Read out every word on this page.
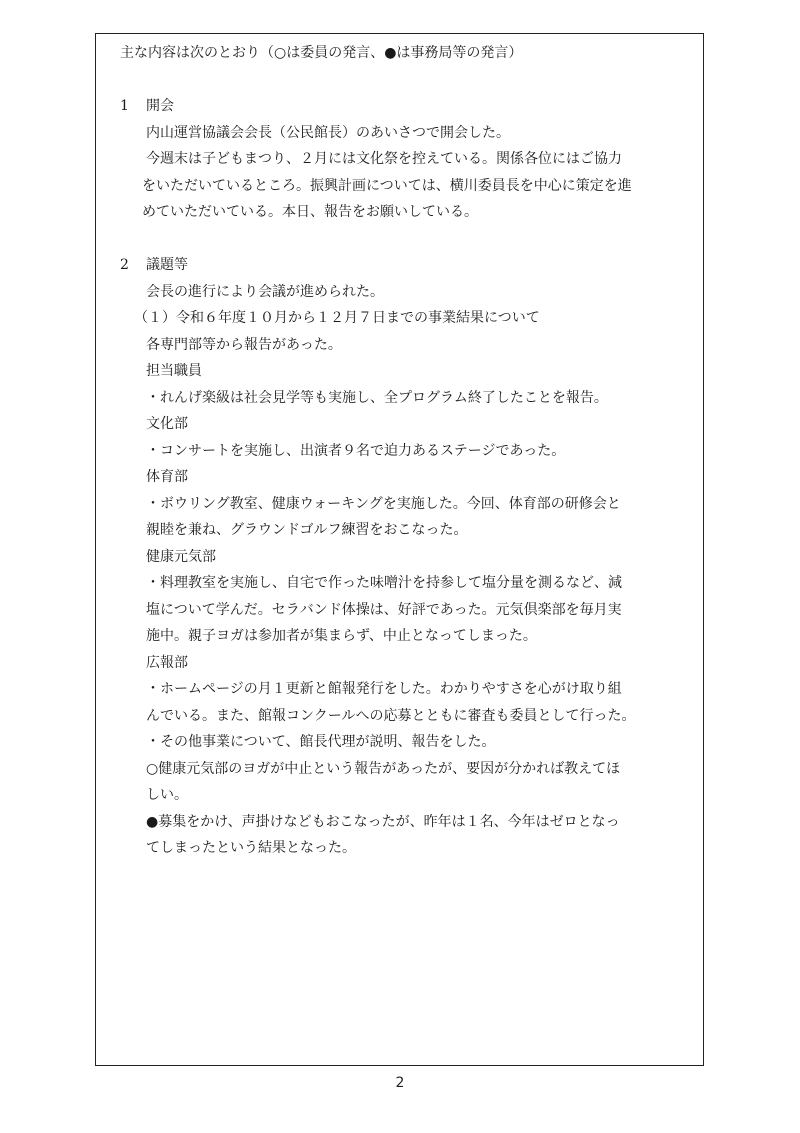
主な内容は次のとおり（○は委員の発言、●は事務局等の発言）
1 開会
内山運営協議会会長（公民館長）のあいさつで開会した。
今週末は子どもまつり、２月には文化祭を控えている。関係各位にはご協力
をいただいているところ。振興計画については、横川委員長を中心に策定を進
めていただいている。本日、報告をお願いしている。
2 議題等
会長の進行により会議が進められた。
（１）令和６年度１０月から１２月７日までの事業結果について
各専門部等から報告があった。
担当職員
・れんげ楽級は社会見学等も実施し、全プログラム終了したことを報告。
文化部
・コンサートを実施し、出演者９名で迫力あるステージであった。
体育部
・ボウリング教室、健康ウォーキングを実施した。今回、体育部の研修会と
親睦を兼ね、グラウンドゴルフ練習をおこなった。
健康元気部
・料理教室を実施し、自宅で作った味噌汁を持参して塩分量を測るなど、減
塩について学んだ。セラバンド体操は、好評であった。元気倶楽部を毎月実
施中。親子ヨガは参加者が集まらず、中止となってしまった。
広報部
・ホームページの月１更新と館報発行をした。わかりやすさを心がけ取り組
んでいる。また、館報コンクールへの応募とともに審査も委員として行った。
・その他事業について、館長代理が説明、報告をした。
○健康元気部のヨガが中止という報告があったが、要因が分かれば教えてほ
しい。
●募集をかけ、声掛けなどもおこなったが、昨年は１名、今年はゼロとなっ
てしまったという結果となった。
2
